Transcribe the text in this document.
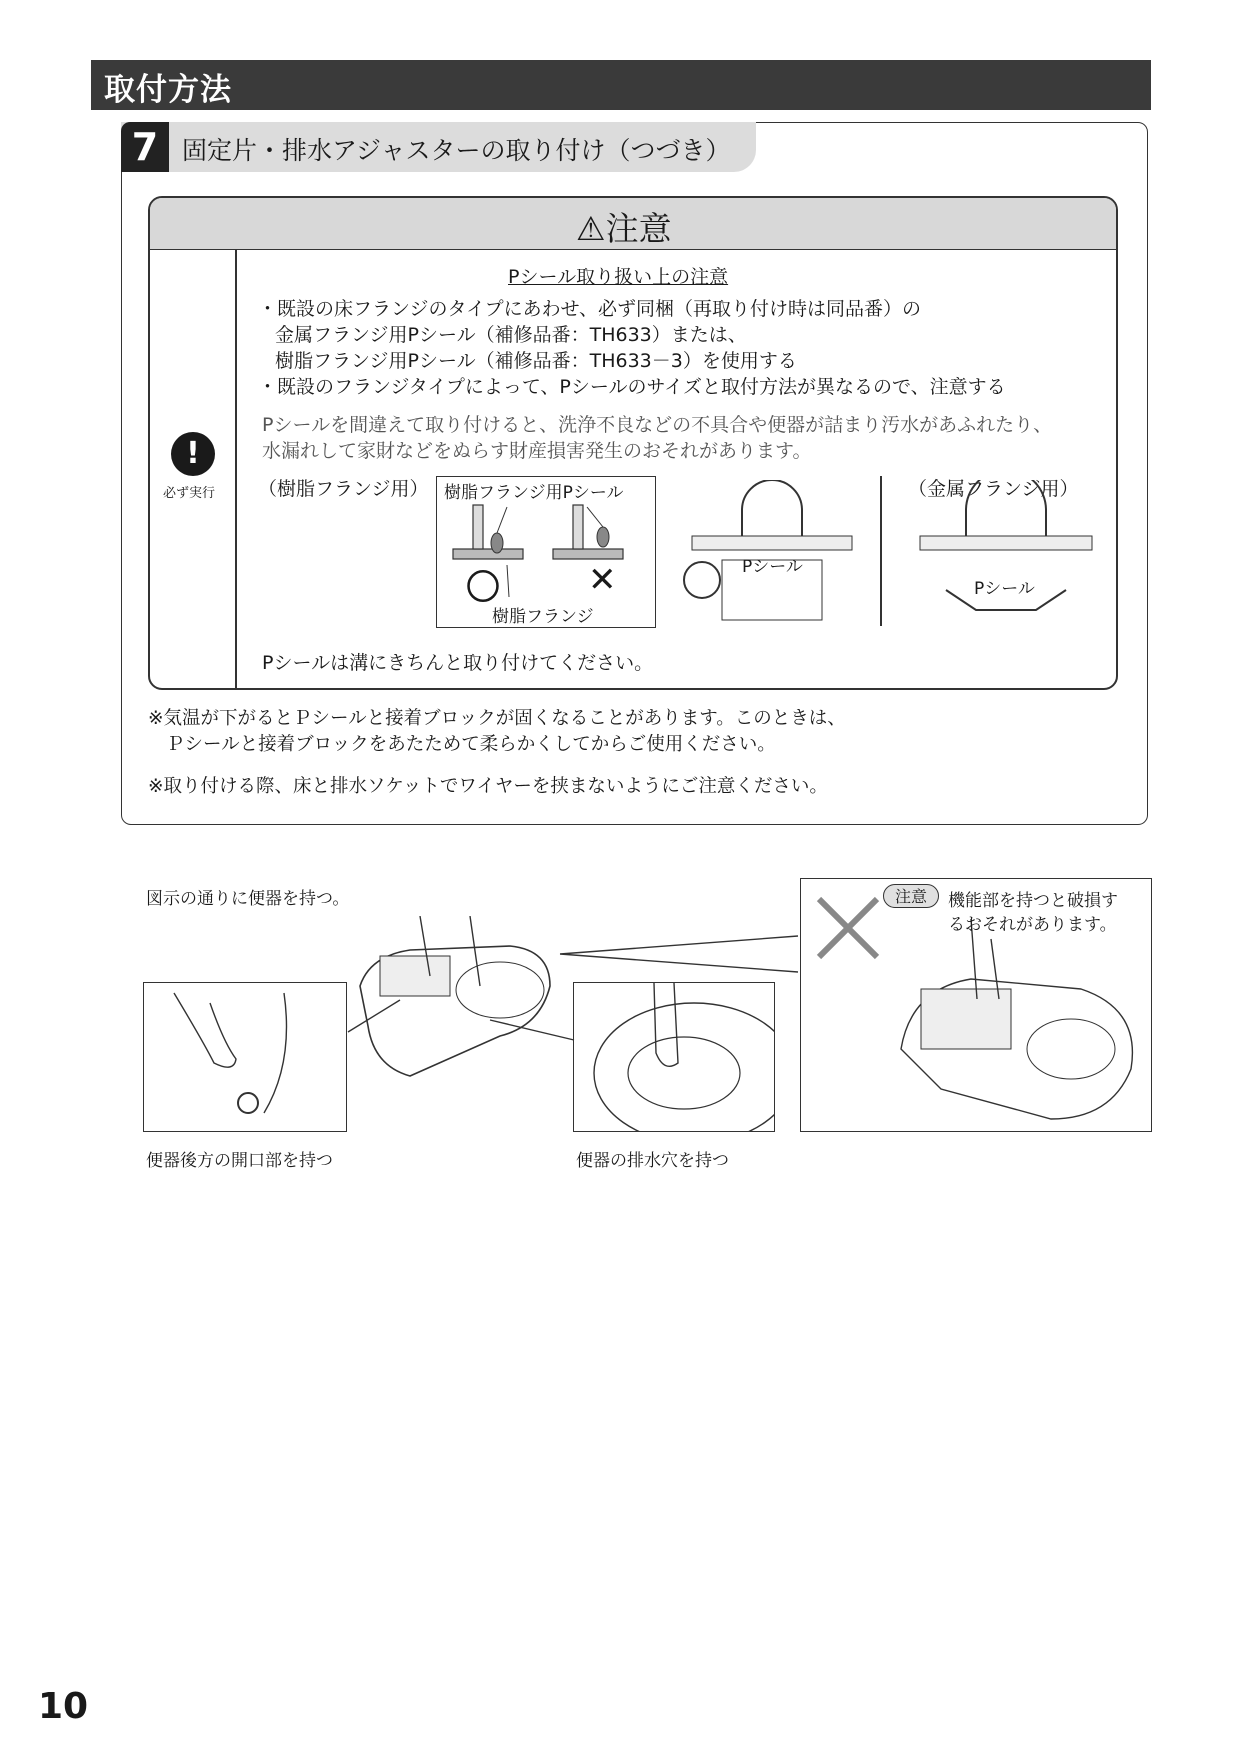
取付方法
7 固定片・排水アジャスターの取り付け（つづき）
⚠注意
!
必ず実行
Pシール取り扱い上の注意
・既設の床フランジのタイプにあわせ、必ず同梱（再取り付け時は同品番）の
金属フランジ用Pシール（補修品番：TH633）または、
樹脂フランジ用Pシール（補修品番：TH633－3）を使用する
・既設のフランジタイプによって、Pシールのサイズと取付方法が異なるので、注意する
Pシールを間違えて取り付けると、洗浄不良などの不具合や便器が詰まり汚水があふれたり、
水漏れして家財などをぬらす財産損害発生のおそれがあります。
（樹脂フランジ用）	（金属フランジ用）
樹脂フランジ用Pシール
〇	✕
樹脂フランジ
Pシール
Pシール
Pシールは溝にきちんと取り付けてください。
※気温が下がるとＰシールと接着ブロックが固くなることがあります。このときは、
Ｐシールと接着ブロックをあたためて柔らかくしてからご使用ください。
※取り付ける際、床と排水ソケットでワイヤーを挟まないようにご注意ください。
図示の通りに便器を持つ。
便器後方の開口部を持つ	便器の排水穴を持つ
注意	機能部を持つと破損す
るおそれがあります。
10
